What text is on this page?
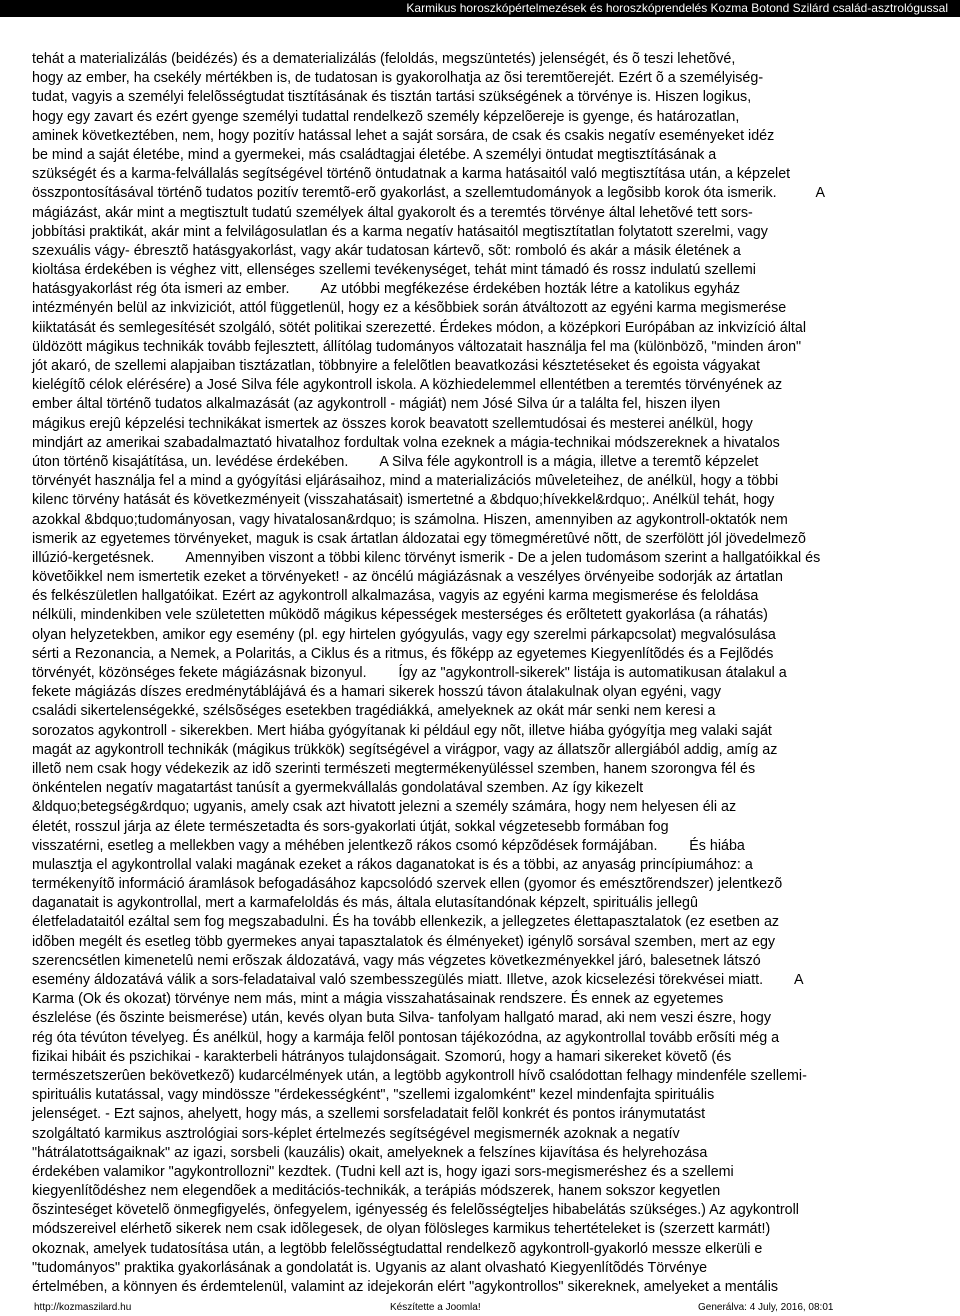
Karmikus horoszkópértelmezések és horoszkóprendelés Kozma Botond Szilárd család-asztrológussal
tehát a materializálás (beidézés) és a dematerializálás (feloldás, megszüntetés) jelenségét, és õ teszi lehetõvé,
hogy az ember, ha csekély mértékben is, de tudatosan is gyakorolhatja az õsi teremtõerejét. Ezért õ a személyiség-
tudat, vagyis a személyi felelõsségtudat tisztításának és tisztán tartási szükségének a törvénye is. Hiszen logikus,
hogy egy zavart és ezért gyenge személyi tudattal rendelkezõ személy képzelõereje is gyenge, és határozatlan,
aminek következtében, nem, hogy pozitív hatással lehet a saját sorsára, de csak és csakis negatív eseményeket idéz
be mind a saját életébe, mind a gyermekei, más családtagjai életébe. A személyi öntudat megtisztításának a
szükségét és a karma-felvállalás segítségével történõ öntudatnak a karma hatásaitól való megtisztítása után, a képzelet
összpontosításával történõ tudatos pozitív teremtõ-erõ gyakorlást, a szellemtudományok a legõsibb korok óta ismerik.          A
mágiázást, akár mint a megtisztult tudatú személyek által gyakorolt és a teremtés törvénye által lehetõvé tett sors-
jobbítási praktikát, akár mint a felvilágosulatlan és a karma negatív hatásaitól megtisztítatlan folytatott szerelmi, vagy
szexuális vágy- ébresztõ hatásgyakorlást, vagy akár tudatosan kártevõ, sõt: romboló és akár a másik életének a
kioltása érdekében is véghez vitt, ellenséges szellemi tevékenységet, tehát mint támadó és rossz indulatú szellemi
hatásgyakorlást rég óta ismeri az ember.        Az utóbbi megfékezése érdekében hozták létre a katolikus egyház
intézményén belül az inkviziciót, attól függetlenül, hogy ez a késõbbiek során átváltozott az egyéni karma megismerése
kiiktatását és semlegesítését szolgáló, sötét politikai szerezetté. Érdekes módon, a középkori Európában az inkvizíció által
üldözött mágikus technikák tovább fejlesztett, állítólag tudományos változatait használja fel ma (különbözõ, "minden áron"
jót akaró, de szellemi alapjaiban tisztázatlan, többnyire a felelõtlen beavatkozási késztetéseket és egoista vágyakat
kielégítõ célok elérésére) a José Silva féle agykontroll iskola. A közhiedelemmel ellentétben a teremtés törvényének az
ember által történõ tudatos alkalmazását (az agykontroll - mágiát) nem Jósé Silva úr a találta fel, hiszen ilyen
mágikus erejû képzelési technikákat ismertek az összes korok beavatott szellemtudósai és mesterei anélkül, hogy
mindjárt az amerikai szabadalmaztató hivatalhoz fordultak volna ezeknek a mágia-technikai módszereknek a hivatalos
úton történõ kisajátítása, un. levédése érdekében.        A Silva féle agykontroll is a mágia, illetve a teremtõ képzelet
törvényét használja fel a mind a gyógyítási eljárásaihoz, mind a materializációs mûveleteihez, de anélkül, hogy a többi
kilenc törvény hatását és következményeit (visszahatásait) ismertetné a &bdquo;hívekkel&rdquo;. Anélkül tehát, hogy
azokkal &bdquo;tudományosan, vagy hivatalosan&rdquo; is számolna. Hiszen, amennyiben az agykontroll-oktatók nem
ismerik az egyetemes törvényeket, maguk is csak ártatlan áldozatai egy tömegméretûvé nõtt, de szerfölött jól jövedelmezõ
illúzió-kergetésnek.        Amennyiben viszont a többi kilenc törvényt ismerik - De a jelen tudomásom szerint a hallgatóikkal és
követõikkel nem ismertetik ezeket a törvényeket! - az öncélú mágiázásnak a veszélyes örvényeibe sodorják az ártatlan
és felkészületlen hallgatóikat. Ezért az agykontroll alkalmazása, vagyis az egyéni karma megismerése és feloldása
nélküli, mindenkiben vele születetten mûködõ mágikus képességek mesterséges és erõltetett gyakorlása (a ráhatás)
olyan helyzetekben, amikor egy esemény (pl. egy hirtelen gyógyulás, vagy egy szerelmi párkapcsolat) megvalósulása
sérti a Rezonancia, a Nemek, a Polaritás, a Ciklus és a ritmus, és fõképp az egyetemes Kiegyenlítõdés és a Fejlõdés
törvényét, közönséges fekete mágiázásnak bizonyul.        Így az "agykontroll-sikerek" listája is automatikusan átalakul a
fekete mágiázás díszes eredménytáblájává és a hamari sikerek hosszú távon átalakulnak olyan egyéni, vagy
családi sikertelenségekké, szélsõséges esetekben tragédiákká, amelyeknek az okát már senki nem keresi a
sorozatos agykontroll - sikerekben. Mert hiába gyógyítanak ki például egy nõt, illetve hiába gyógyítja meg valaki saját
magát az agykontroll technikák (mágikus trükkök) segítségével a virágpor, vagy az állatszõr allergiából addig, amíg az
illetõ nem csak hogy védekezik az idõ szerinti természeti megtermékenyüléssel szemben, hanem szorongva fél és
önkéntelen negatív magatartást tanúsít a gyermekvállalás gondolatával szemben. Az így kikezelt
&ldquo;betegség&rdquo; ugyanis, amely csak azt hivatott jelezni a személy számára, hogy nem helyesen éli az
életét, rosszul járja az élete természetadta és sors-gyakorlati útját, sokkal végzetesebb formában fog
visszatérni, esetleg a mellekben vagy a méhében jelentkezõ rákos csomó képzõdések formájában.        És hiába
mulasztja el agykontrollal valaki magának ezeket a rákos daganatokat is és a többi, az anyaság princípiumához: a
termékenyítõ információ áramlások befogadásához kapcsolódó szervek ellen (gyomor és emésztõrendszer) jelentkezõ
daganatait is agykontrollal, mert a karmafeloldás és más, általa elutasítandónak képzelt, spirituális jellegû
életfeladataitól ezáltal sem fog megszabadulni. És ha tovább ellenkezik, a jellegzetes élettapasztalatok (ez esetben az
idõben megélt és esetleg több gyermekes anyai tapasztalatok és élményeket) igénylõ sorsával szemben, mert az egy
szerencsétlen kimenetelû nemi erõszak áldozatává, vagy más végzetes következményekkel járó, balesetnek látszó
esemény áldozatává válik a sors-feladataival való szembesszegülés miatt. Illetve, azok kicselezési törekvései miatt.        A
Karma (Ok és okozat) törvénye nem más, mint a mágia visszahatásainak rendszere. És ennek az egyetemes
észlelése (és õszinte beismerése) után, kevés olyan buta Silva- tanfolyam hallgató marad, aki nem veszi észre, hogy
rég óta tévúton tévelyeg. És anélkül, hogy a karmája felõl pontosan tájékozódna, az agykontrollal tovább erõsíti még a
fizikai hibáit és pszichikai - karakterbeli hátrányos tulajdonságait. Szomorú, hogy a hamari sikereket követõ (és
természetszerûen bekövetkezõ) kudarcélmények után, a legtöbb agykontroll hívõ csalódottan felhagy mindenféle szellemi-
spirituális kutatással, vagy mindössze "érdekességként", "szellemi izgalomként" kezel mindenfajta spirituális
jelenséget. - Ezt sajnos, ahelyett, hogy más, a szellemi sorsfeladatait felõl konkrét és pontos iránymutatást
szolgáltató karmikus asztrológiai sors-képlet értelmezés segítségével megismernék azoknak a negatív
"hátrálatottságaiknak" az igazi, sorsbeli (kauzális) okait, amelyeknek a felszínes kijavítása és helyrehozása
érdekében valamikor "agykontrollozni" kezdtek. (Tudni kell azt is, hogy igazi sors-megismeréshez és a szellemi
kiegyenlítõdéshez nem elegendõek a meditációs-technikák, a terápiás módszerek, hanem sokszor kegyetlen
õszinteséget követelõ önmegfigyelés, önfegyelem, igényesség és felelõsségteljes hibabelátás szükséges.) Az agykontroll
módszereivel elérhetõ sikerek nem csak idõlegesek, de olyan fölösleges karmikus tehertételeket is (szerzett karmát!)
okoznak, amelyek tudatosítása után, a legtöbb felelõsségtudattal rendelkezõ agykontroll-gyakorló messze elkerüli e
"tudományos" praktika gyakorlásának a gondolatát is. Ugyanis az alant olvasható Kiegyenlítõdés Törvénye
értelmében, a könnyen és érdemtelenül, valamint az idejekorán elért "agykontrollos" sikereknek, amelyeket a mentális
http://kozmaszilard.hu	Készítette a Joomla!	Generálva: 4 July, 2016, 08:01
